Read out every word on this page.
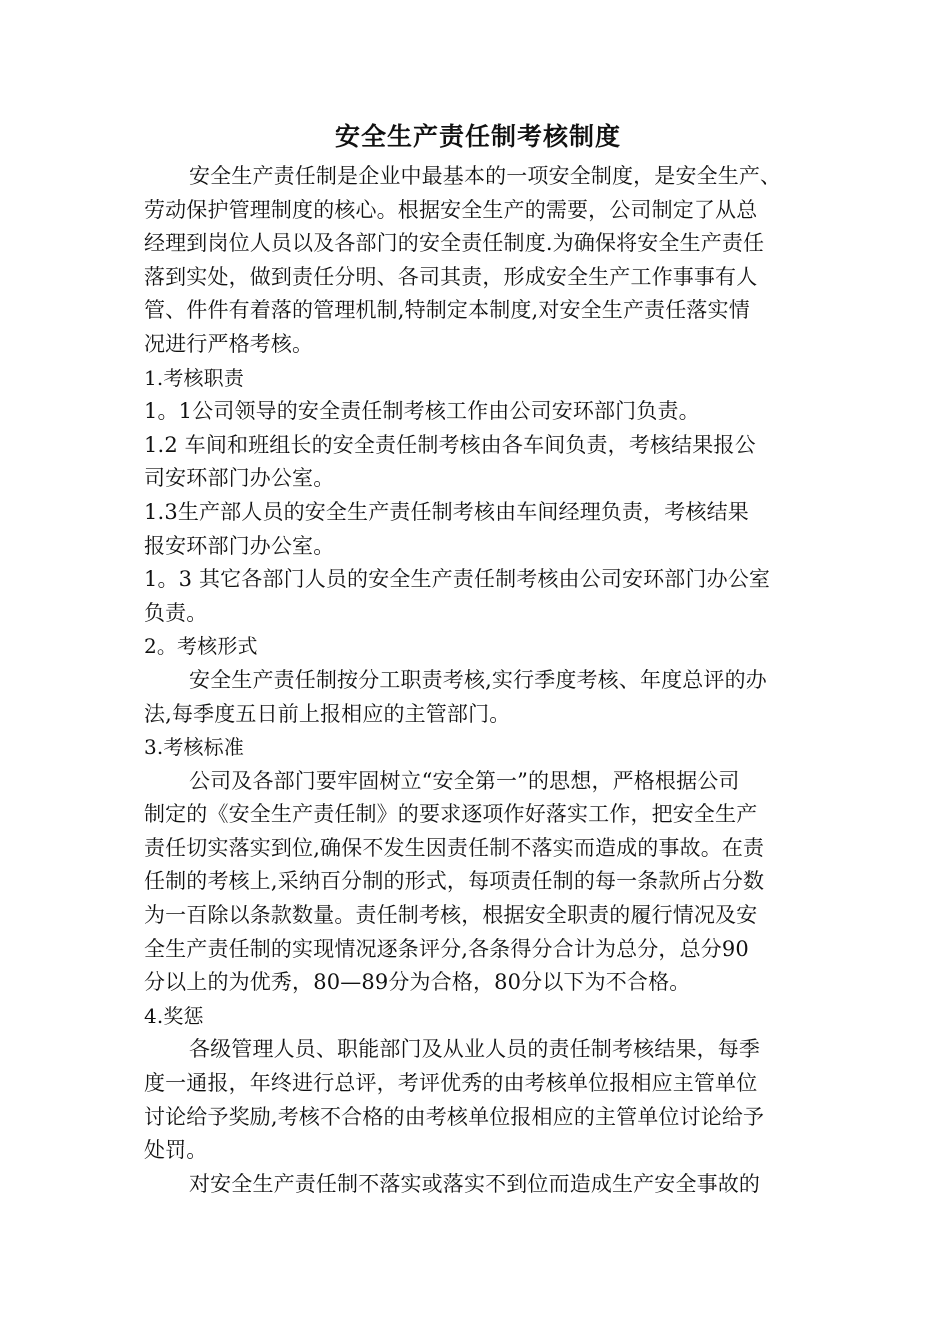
安全生产责任制考核制度
安全生产责任制是企业中最基本的一项安全制度，是安全生产、
劳动保护管理制度的核心。根据安全生产的需要，公司制定了从总
经理到岗位人员以及各部门的安全责任制度.为确保将安全生产责任
落到实处，做到责任分明、各司其责，形成安全生产工作事事有人
管、件件有着落的管理机制,特制定本制度,对安全生产责任落实情
况进行严格考核。
1.考核职责
1。1公司领导的安全责任制考核工作由公司安环部门负责。
1.2 车间和班组长的安全责任制考核由各车间负责，考核结果报公
司安环部门办公室。
1.3生产部人员的安全生产责任制考核由车间经理负责，考核结果
报安环部门办公室。
1。3 其它各部门人员的安全生产责任制考核由公司安环部门办公室
负责。
2。考核形式
安全生产责任制按分工职责考核,实行季度考核、年度总评的办
法,每季度五日前上报相应的主管部门。
3.考核标准
公司及各部门要牢固树立“安全第一”的思想，严格根据公司
制定的《安全生产责任制》的要求逐项作好落实工作，把安全生产
责任切实落实到位,确保不发生因责任制不落实而造成的事故。在责
任制的考核上,采纳百分制的形式，每项责任制的每一条款所占分数
为一百除以条款数量。责任制考核，根据安全职责的履行情况及安
全生产责任制的实现情况逐条评分,各条得分合计为总分，总分90
分以上的为优秀，80—89分为合格，80分以下为不合格。
4.奖惩
各级管理人员、职能部门及从业人员的责任制考核结果，每季
度一通报，年终进行总评，考评优秀的由考核单位报相应主管单位
讨论给予奖励,考核不合格的由考核单位报相应的主管单位讨论给予
处罚。
对安全生产责任制不落实或落实不到位而造成生产安全事故的
